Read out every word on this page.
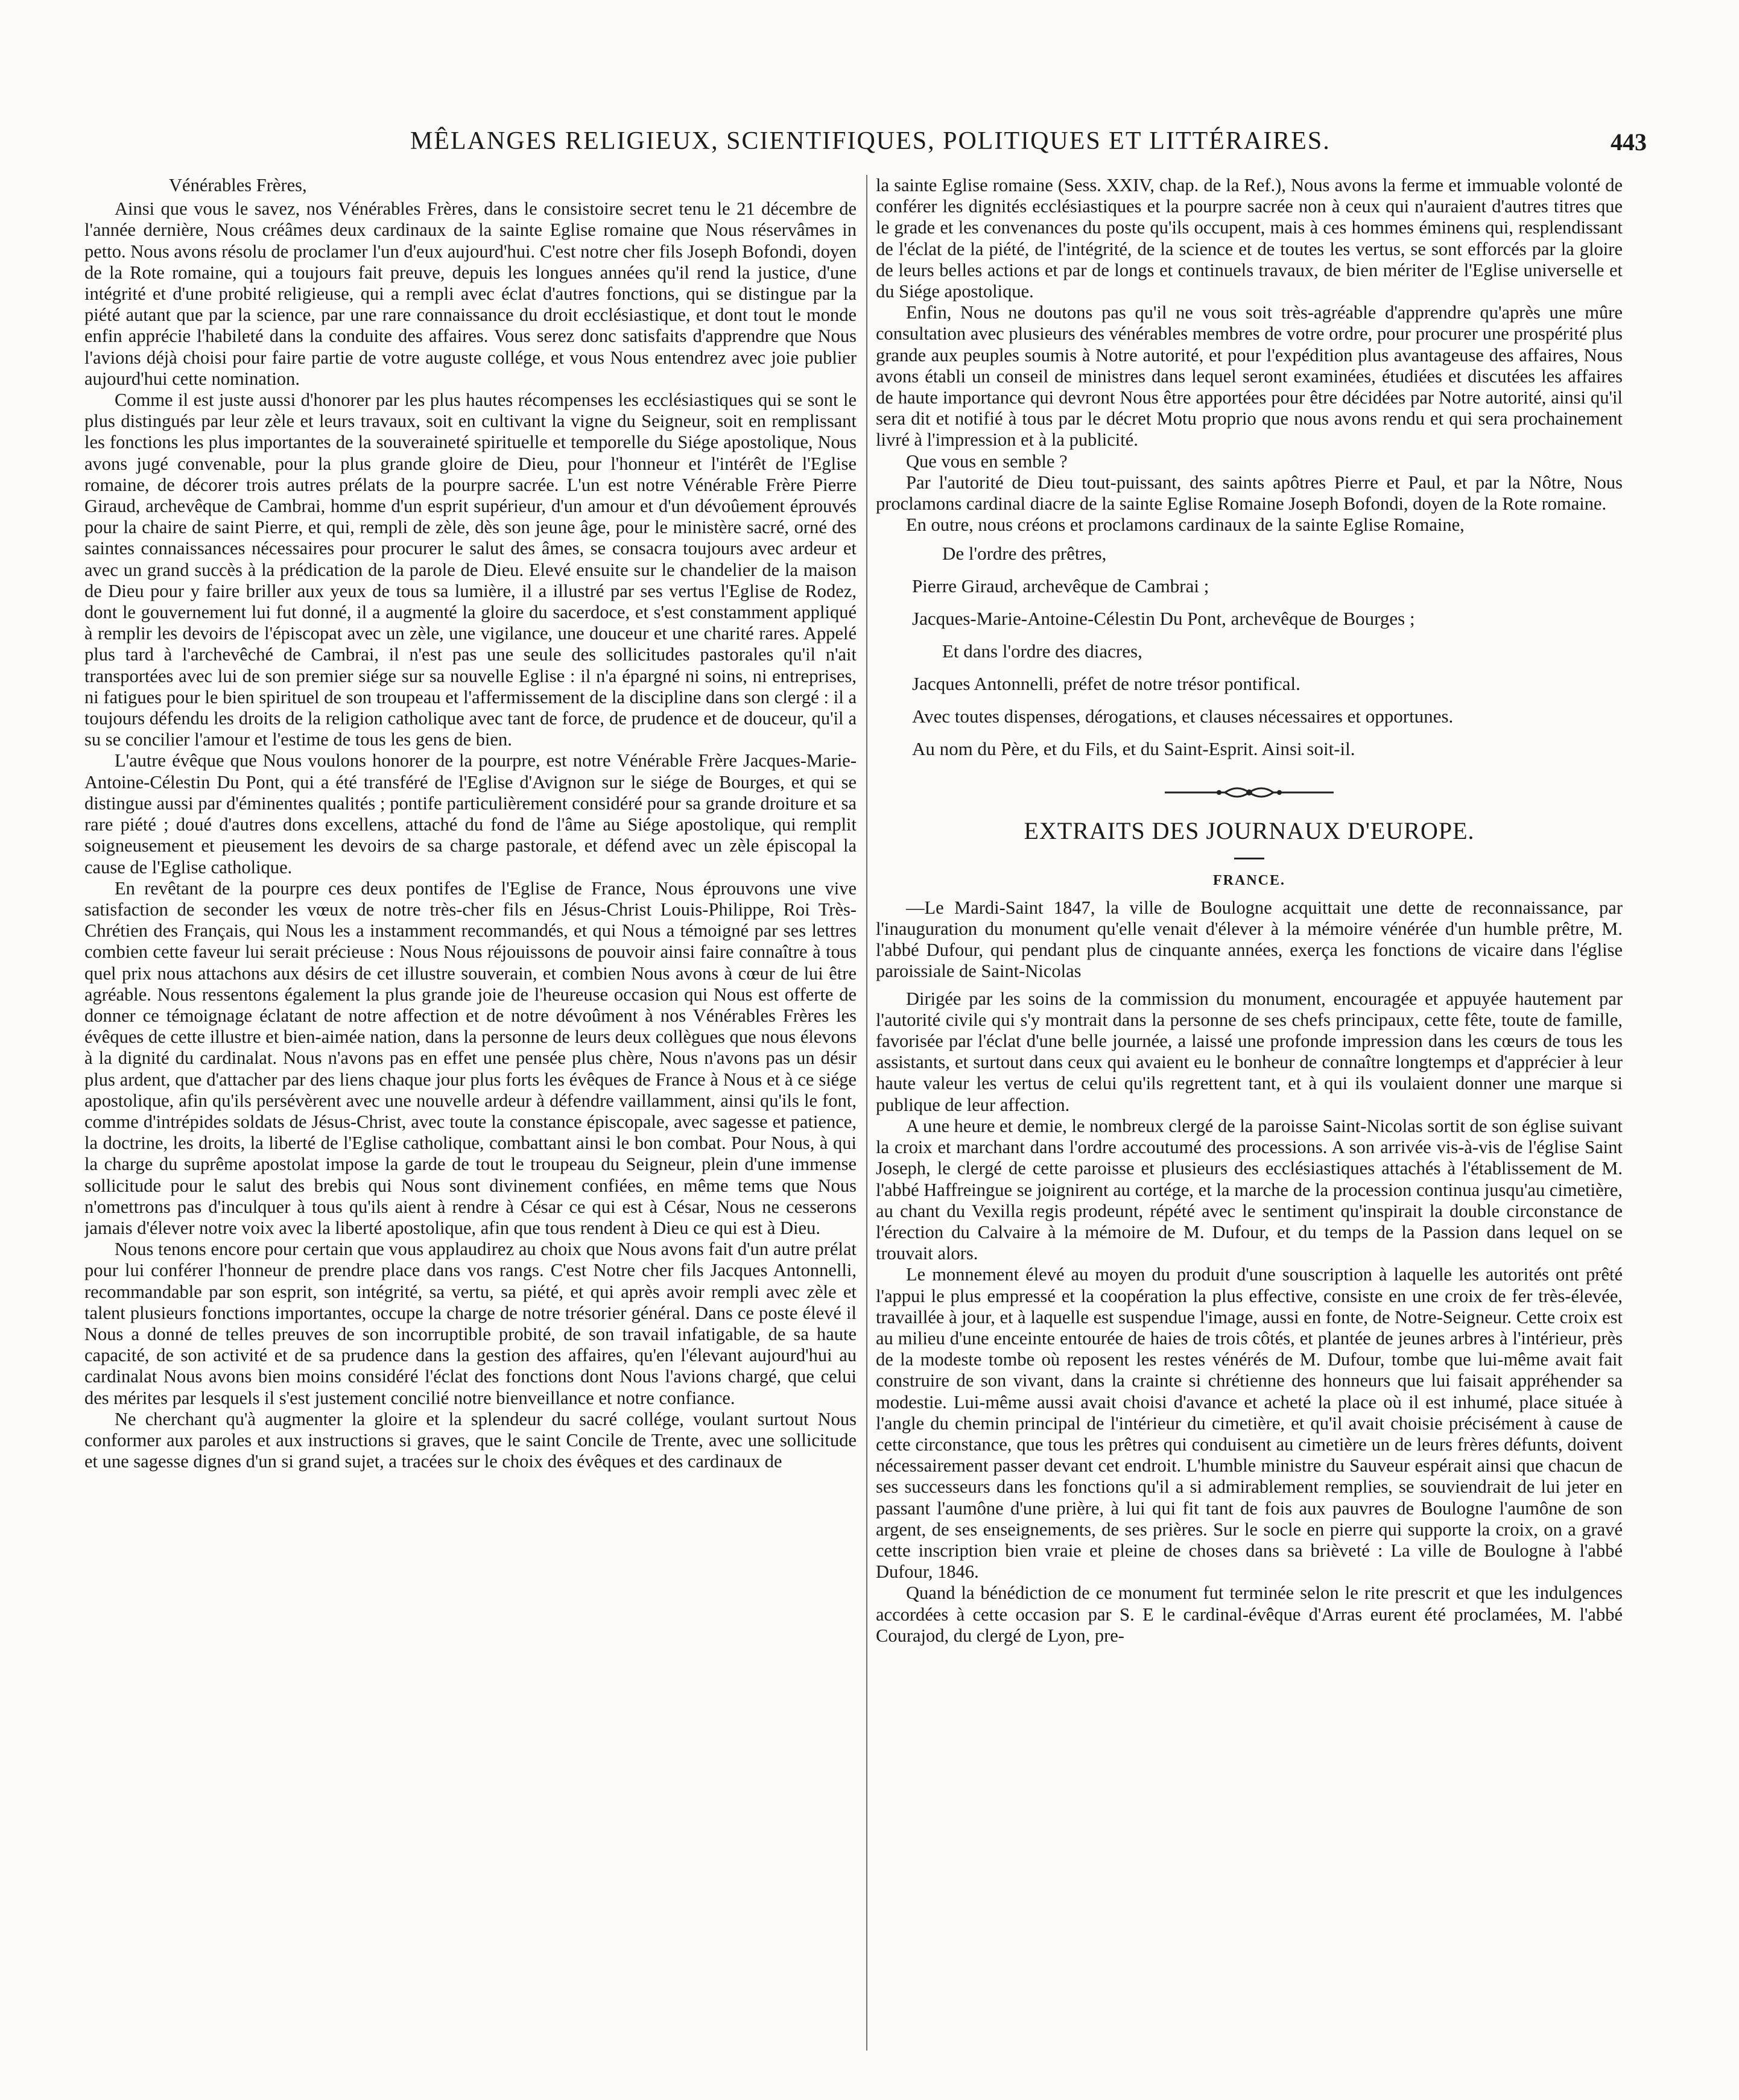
MÊLANGES RELIGIEUX, SCIENTIFIQUES, POLITIQUES ET LITTÉRAIRES.	443

Vénérables Frères,

Ainsi que vous le savez, nos Vénérables Frères, dans le consistoire secret tenu le 21 décembre de l'année dernière, Nous créâmes deux cardinaux de la sainte Eglise romaine que Nous réservâmes in petto. Nous avons résolu de proclamer l'un d'eux aujourd'hui. C'est notre cher fils Joseph Bofondi, doyen de la Rote romaine, qui a toujours fait preuve, depuis les longues années qu'il rend la justice, d'une intégrité et d'une probité religieuse, qui a rempli avec éclat d'autres fonctions, qui se distingue par la piété autant que par la science, par une rare connaissance du droit ecclésiastique, et dont tout le monde enfin apprécie l'habileté dans la conduite des affaires. Vous serez donc satisfaits d'apprendre que Nous l'avions déjà choisi pour faire partie de votre auguste collége, et vous Nous entendrez avec joie publier aujourd'hui cette nomination.

Comme il est juste aussi d'honorer par les plus hautes récompenses les ecclésiastiques qui se sont le plus distingués par leur zèle et leurs travaux, soit en cultivant la vigne du Seigneur, soit en remplissant les fonctions les plus importantes de la souveraineté spirituelle et temporelle du Siége apostolique, Nous avons jugé convenable, pour la plus grande gloire de Dieu, pour l'honneur et l'intérêt de l'Eglise romaine, de décorer trois autres prélats de la pourpre sacrée. L'un est notre Vénérable Frère Pierre Giraud, archevêque de Cambrai, homme d'un esprit supérieur, d'un amour et d'un dévoûement éprouvés pour la chaire de saint Pierre, et qui, rempli de zèle, dès son jeune âge, pour le ministère sacré, orné des saintes connaissances nécessaires pour procurer le salut des âmes, se consacra toujours avec ardeur et avec un grand succès à la prédication de la parole de Dieu. Elevé ensuite sur le chandelier de la maison de Dieu pour y faire briller aux yeux de tous sa lumière, il a illustré par ses vertus l'Eglise de Rodez, dont le gouvernement lui fut donné, il a augmenté la gloire du sacerdoce, et s'est constamment appliqué à remplir les devoirs de l'épiscopat avec un zèle, une vigilance, une douceur et une charité rares. Appelé plus tard à l'archevêché de Cambrai, il n'est pas une seule des sollicitudes pastorales qu'il n'ait transportées avec lui de son premier siége sur sa nouvelle Eglise : il n'a épargné ni soins, ni entreprises, ni fatigues pour le bien spirituel de son troupeau et l'affermissement de la discipline dans son clergé : il a toujours défendu les droits de la religion catholique avec tant de force, de prudence et de douceur, qu'il a su se concilier l'amour et l'estime de tous les gens de bien.

L'autre évêque que Nous voulons honorer de la pourpre, est notre Vénérable Frère Jacques-Marie-Antoine-Célestin Du Pont, qui a été transféré de l'Eglise d'Avignon sur le siége de Bourges, et qui se distingue aussi par d'éminentes qualités ; pontife particulièrement considéré pour sa grande droiture et sa rare piété ; doué d'autres dons excellens, attaché du fond de l'âme au Siége apostolique, qui remplit soigneusement et pieusement les devoirs de sa charge pastorale, et défend avec un zèle épiscopal la cause de l'Eglise catholique.

En revêtant de la pourpre ces deux pontifes de l'Eglise de France, Nous éprouvons une vive satisfaction de seconder les vœux de notre très-cher fils en Jésus-Christ Louis-Philippe, Roi Très-Chrétien des Français, qui Nous les a instamment recommandés, et qui Nous a témoigné par ses lettres combien cette faveur lui serait précieuse : Nous Nous réjouissons de pouvoir ainsi faire connaître à tous quel prix nous attachons aux désirs de cet illustre souverain, et combien Nous avons à cœur de lui être agréable. Nous ressentons également la plus grande joie de l'heureuse occasion qui Nous est offerte de donner ce témoignage éclatant de notre affection et de notre dévoûment à nos Vénérables Frères les évêques de cette illustre et bien-aimée nation, dans la personne de leurs deux collègues que nous élevons à la dignité du cardinalat. Nous n'avons pas en effet une pensée plus chère, Nous n'avons pas un désir plus ardent, que d'attacher par des liens chaque jour plus forts les évêques de France à Nous et à ce siége apostolique, afin qu'ils persévèrent avec une nouvelle ardeur à défendre vaillamment, ainsi qu'ils le font, comme d'intrépides soldats de Jésus-Christ, avec toute la constance épiscopale, avec sagesse et patience, la doctrine, les droits, la liberté de l'Eglise catholique, combattant ainsi le bon combat. Pour Nous, à qui la charge du suprême apostolat impose la garde de tout le troupeau du Seigneur, plein d'une immense sollicitude pour le salut des brebis qui Nous sont divinement confiées, en même tems que Nous n'omettrons pas d'inculquer à tous qu'ils aient à rendre à César ce qui est à César, Nous ne cesserons jamais d'élever notre voix avec la liberté apostolique, afin que tous rendent à Dieu ce qui est à Dieu.

Nous tenons encore pour certain que vous applaudirez au choix que Nous avons fait d'un autre prélat pour lui conférer l'honneur de prendre place dans vos rangs. C'est Notre cher fils Jacques Antonnelli, recommandable par son esprit, son intégrité, sa vertu, sa piété, et qui après avoir rempli avec zèle et talent plusieurs fonctions importantes, occupe la charge de notre trésorier général. Dans ce poste élevé il Nous a donné de telles preuves de son incorruptible probité, de son travail infatigable, de sa haute capacité, de son activité et de sa prudence dans la gestion des affaires, qu'en l'élevant aujourd'hui au cardinalat Nous avons bien moins considéré l'éclat des fonctions dont Nous l'avions chargé, que celui des mérites par lesquels il s'est justement concilié notre bienveillance et notre confiance.

Ne cherchant qu'à augmenter la gloire et la splendeur du sacré collége, voulant surtout Nous conformer aux paroles et aux instructions si graves, que le saint Concile de Trente, avec une sollicitude et une sagesse dignes d'un si grand sujet, a tracées sur le choix des évêques et des cardinaux de

la sainte Eglise romaine (Sess. XXIV, chap. de la Ref.), Nous avons la ferme et immuable volonté de conférer les dignités ecclésiastiques et la pourpre sacrée non à ceux qui n'auraient d'autres titres que le grade et les convenances du poste qu'ils occupent, mais à ces hommes éminens qui, resplendissant de l'éclat de la piété, de l'intégrité, de la science et de toutes les vertus, se sont efforcés par la gloire de leurs belles actions et par de longs et continuels travaux, de bien mériter de l'Eglise universelle et du Siége apostolique.

Enfin, Nous ne doutons pas qu'il ne vous soit très-agréable d'apprendre qu'après une mûre consultation avec plusieurs des vénérables membres de votre ordre, pour procurer une prospérité plus grande aux peuples soumis à Notre autorité, et pour l'expédition plus avantageuse des affaires, Nous avons établi un conseil de ministres dans lequel seront examinées, étudiées et discutées les affaires de haute importance qui devront Nous être apportées pour être décidées par Notre autorité, ainsi qu'il sera dit et notifié à tous par le décret Motu proprio que nous avons rendu et qui sera prochainement livré à l'impression et à la publicité.

Que vous en semble ?

Par l'autorité de Dieu tout-puissant, des saints apôtres Pierre et Paul, et par la Nôtre, Nous proclamons cardinal diacre de la sainte Eglise Romaine Joseph Bofondi, doyen de la Rote romaine.

En outre, nous créons et proclamons cardinaux de la sainte Eglise Romaine,

De l'ordre des prêtres,

Pierre Giraud, archevêque de Cambrai ;

Jacques-Marie-Antoine-Célestin Du Pont, archevêque de Bourges ;

Et dans l'ordre des diacres,

Jacques Antonnelli, préfet de notre trésor pontifical.

Avec toutes dispenses, dérogations, et clauses nécessaires et opportunes.

Au nom du Père, et du Fils, et du Saint-Esprit. Ainsi soit-il.

EXTRAITS DES JOURNAUX D'EUROPE.
FRANCE.

—Le Mardi-Saint 1847, la ville de Boulogne acquittait une dette de reconnaissance, par l'inauguration du monument qu'elle venait d'élever à la mémoire vénérée d'un humble prêtre, M. l'abbé Dufour, qui pendant plus de cinquante années, exerça les fonctions de vicaire dans l'église paroissiale de Saint-Nicolas

Dirigée par les soins de la commission du monument, encouragée et appuyée hautement par l'autorité civile qui s'y montrait dans la personne de ses chefs principaux, cette fête, toute de famille, favorisée par l'éclat d'une belle journée, a laissé une profonde impression dans les cœurs de tous les assistants, et surtout dans ceux qui avaient eu le bonheur de connaître longtemps et d'apprécier à leur haute valeur les vertus de celui qu'ils regrettent tant, et à qui ils voulaient donner une marque si publique de leur affection.

A une heure et demie, le nombreux clergé de la paroisse Saint-Nicolas sortit de son église suivant la croix et marchant dans l'ordre accoutumé des processions. A son arrivée vis-à-vis de l'église Saint Joseph, le clergé de cette paroisse et plusieurs des ecclésiastiques attachés à l'établissement de M. l'abbé Haffreingue se joignirent au cortége, et la marche de la procession continua jusqu'au cimetière, au chant du Vexilla regis prodeunt, répété avec le sentiment qu'inspirait la double circonstance de l'érection du Calvaire à la mémoire de M. Dufour, et du temps de la Passion dans lequel on se trouvait alors.

Le monnement élevé au moyen du produit d'une souscription à laquelle les autorités ont prêté l'appui le plus empressé et la coopération la plus effective, consiste en une croix de fer très-élevée, travaillée à jour, et à laquelle est suspendue l'image, aussi en fonte, de Notre-Seigneur. Cette croix est au milieu d'une enceinte entourée de haies de trois côtés, et plantée de jeunes arbres à l'intérieur, près de la modeste tombe où reposent les restes vénérés de M. Dufour, tombe que lui-même avait fait construire de son vivant, dans la crainte si chrétienne des honneurs que lui faisait appréhender sa modestie. Lui-même aussi avait choisi d'avance et acheté la place où il est inhumé, place située à l'angle du chemin principal de l'intérieur du cimetière, et qu'il avait choisie précisément à cause de cette circonstance, que tous les prêtres qui conduisent au cimetière un de leurs frères défunts, doivent nécessairement passer devant cet endroit. L'humble ministre du Sauveur espérait ainsi que chacun de ses successeurs dans les fonctions qu'il a si admirablement remplies, se souviendrait de lui jeter en passant l'aumône d'une prière, à lui qui fit tant de fois aux pauvres de Boulogne l'aumône de son argent, de ses enseignements, de ses prières. Sur le socle en pierre qui supporte la croix, on a gravé cette inscription bien vraie et pleine de choses dans sa brièveté : La ville de Boulogne à l'abbé Dufour, 1846.

Quand la bénédiction de ce monument fut terminée selon le rite prescrit et que les indulgences accordées à cette occasion par S. E le cardinal-évêque d'Arras eurent été proclamées, M. l'abbé Courajod, du clergé de Lyon, pre-
